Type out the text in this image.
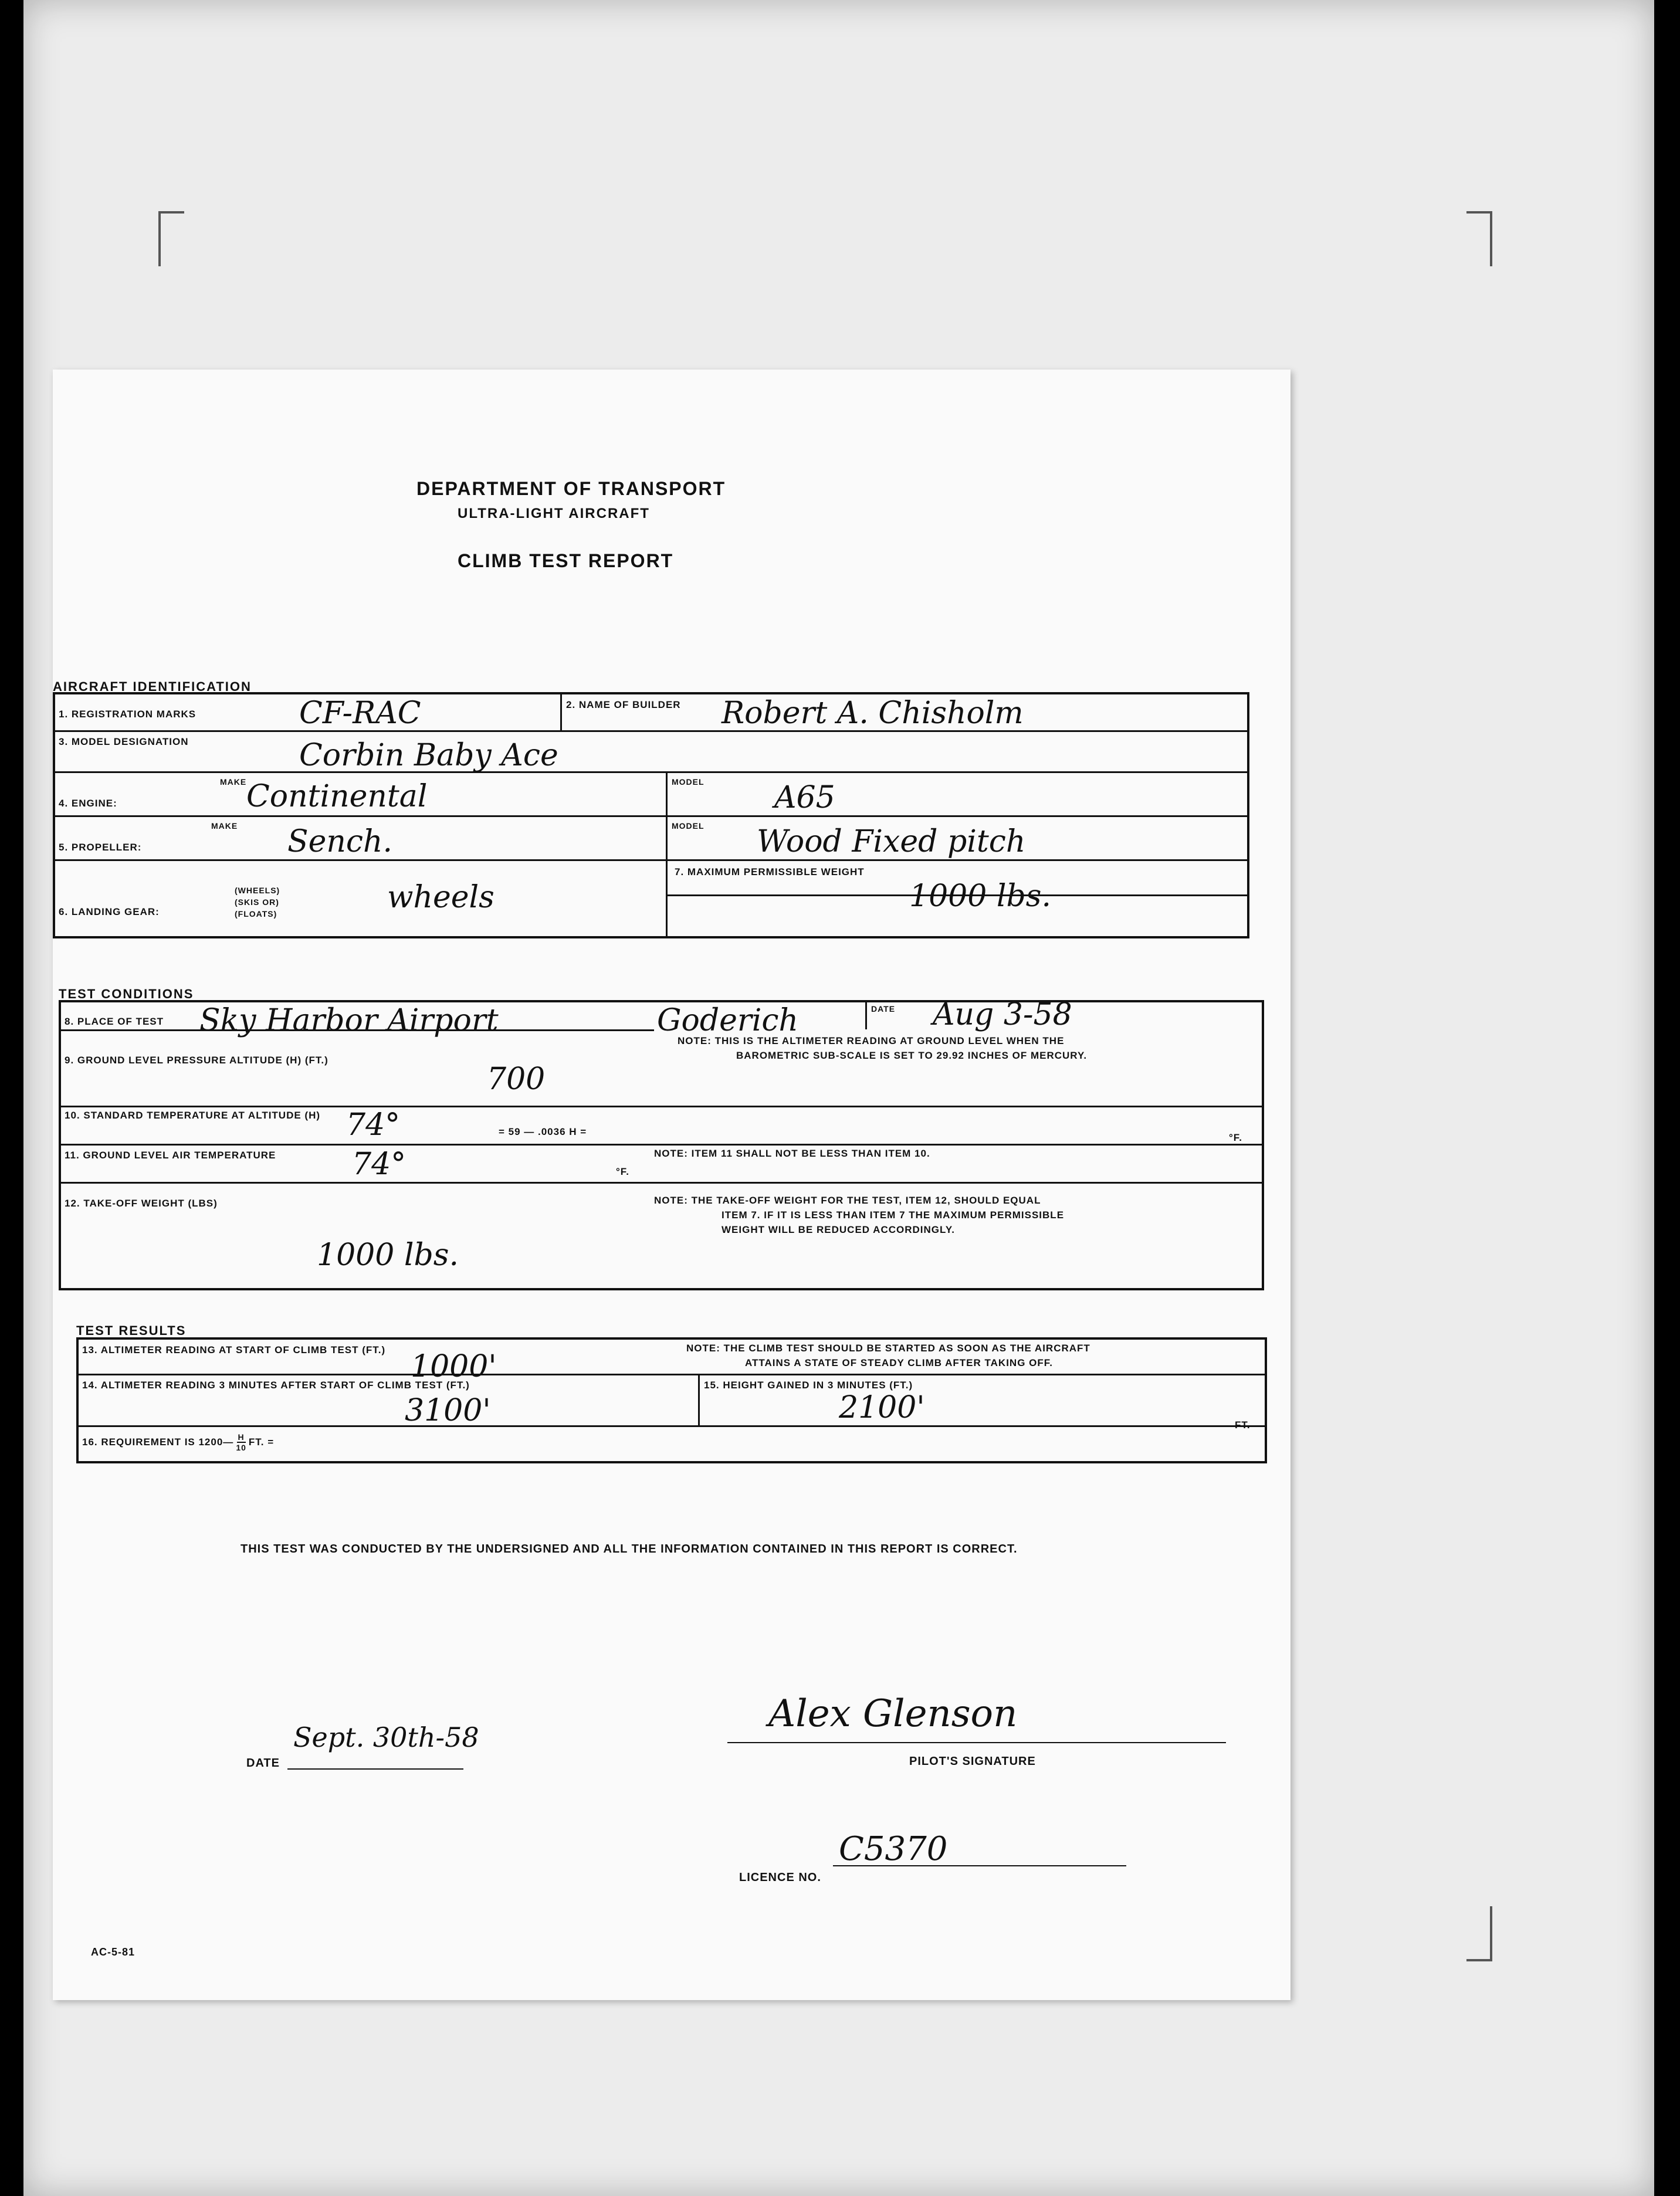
DEPARTMENT OF TRANSPORT
ULTRA-LIGHT AIRCRAFT
CLIMB TEST REPORT
AIRCRAFT IDENTIFICATION
1. REGISTRATION MARKS	CF-RAC	2. NAME OF BUILDER Robert A. Chisholm
3. MODEL DESIGNATION	Corbin Baby Ace
4. ENGINE:
MAKE Continental	MODEL A65
5. PROPELLER:
MAKE Sench.	MODEL Wood Fixed pitch
6. LANDING GEAR:
(WHEELS)
(SKIS OR)
(FLOATS)	wheels
7. MAXIMUM PERMISSIBLE WEIGHT
1000 lbs.
TEST CONDITIONS
8. PLACE OF TEST Sky Harbor Airport	Goderich	DATE Aug 3-58
9. GROUND LEVEL PRESSURE ALTITUDE (H) (FT.)
700
NOTE: THIS IS THE ALTIMETER READING AT GROUND LEVEL WHEN THE
BAROMETRIC SUB-SCALE IS SET TO 29.92 INCHES OF MERCURY.
10. STANDARD TEMPERATURE AT ALTITUDE (H) 74°	= 59 — .0036 H =
°F.
11. GROUND LEVEL AIR TEMPERATURE 74°	°F.
NOTE: ITEM 11 SHALL NOT BE LESS THAN ITEM 10.
12. TAKE-OFF WEIGHT (LBS)
1000 lbs.
NOTE: THE TAKE-OFF WEIGHT FOR THE TEST, ITEM 12, SHOULD EQUAL
ITEM 7. IF IT IS LESS THAN ITEM 7 THE MAXIMUM PERMISSIBLE
WEIGHT WILL BE REDUCED ACCORDINGLY.
TEST RESULTS
13. ALTIMETER READING AT START OF CLIMB TEST (FT.) 1000'
NOTE: THE CLIMB TEST SHOULD BE STARTED AS SOON AS THE AIRCRAFT
ATTAINS A STATE OF STEADY CLIMB AFTER TAKING OFF.
14. ALTIMETER READING 3 MINUTES AFTER START OF CLIMB TEST (FT.)
3100'
15. HEIGHT GAINED IN 3 MINUTES (FT.)
2100'	FT.
16. REQUIREMENT IS 1200— $\frac{H}{10}$ FT. =
THIS TEST WAS CONDUCTED BY THE UNDERSIGNED AND ALL THE INFORMATION CONTAINED IN THIS REPORT IS CORRECT.
DATE
Sept. 30th-58
Alex Glenson
PILOT'S SIGNATURE
LICENCE NO.
C5370
AC-5-81
